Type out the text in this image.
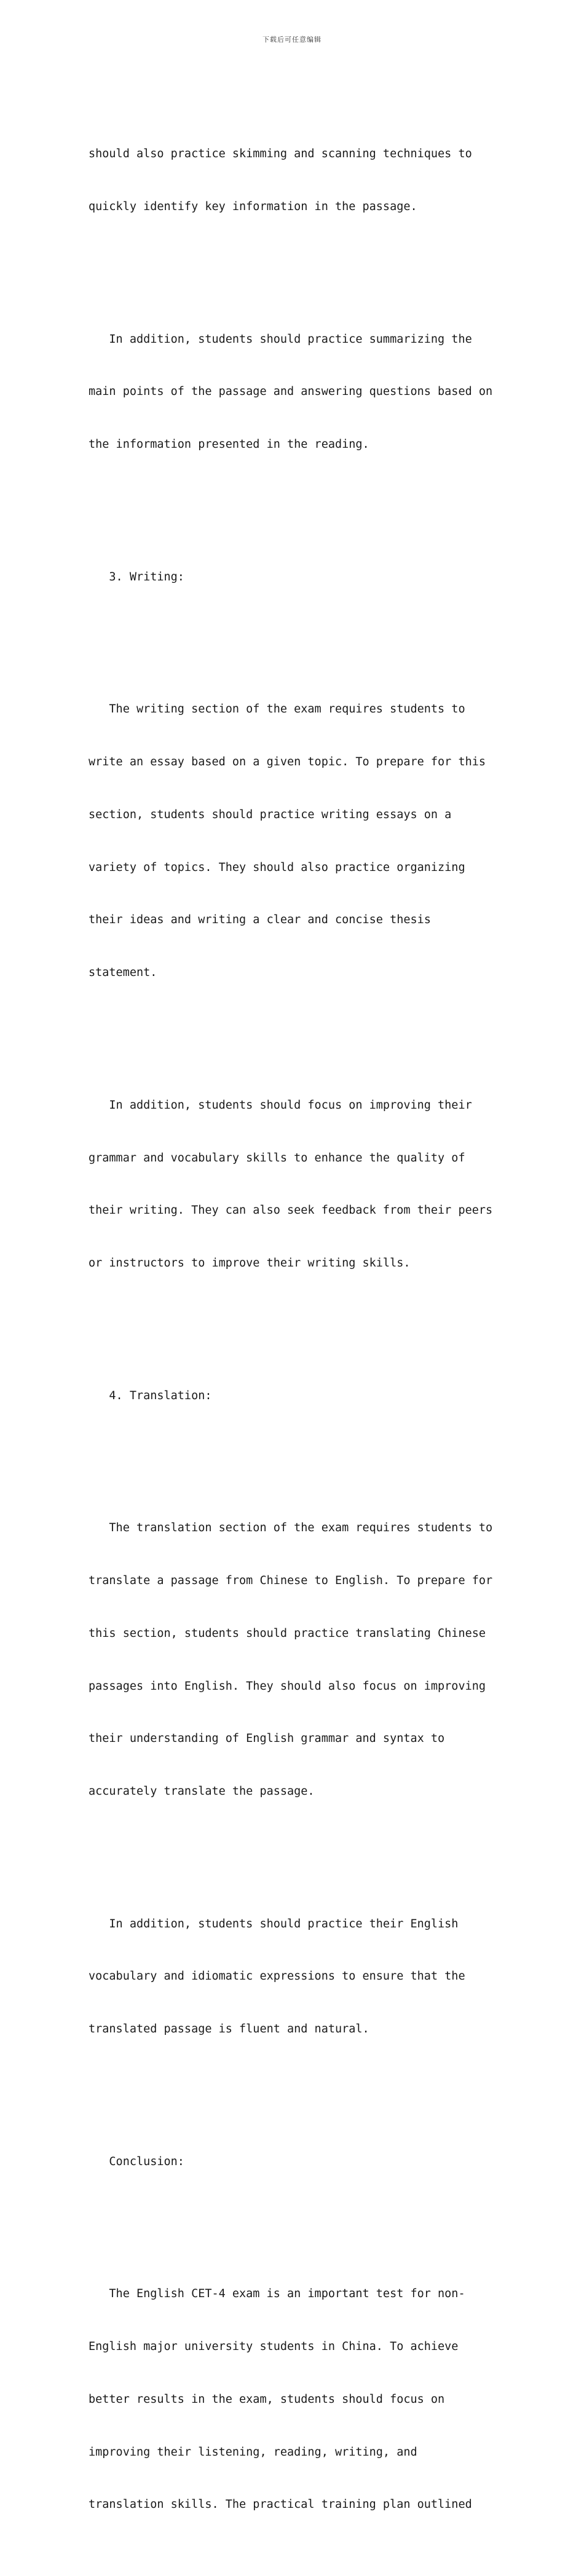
下载后可任意编辑

should also practice skimming and scanning techniques to

quickly identify key information in the passage.

In addition, students should practice summarizing the

main points of the passage and answering questions based on

the information presented in the reading.

3. Writing:

The writing section of the exam requires students to

write an essay based on a given topic. To prepare for this

section, students should practice writing essays on a

variety of topics. They should also practice organizing

their ideas and writing a clear and concise thesis

statement.

In addition, students should focus on improving their

grammar and vocabulary skills to enhance the quality of

their writing. They can also seek feedback from their peers

or instructors to improve their writing skills.

4. Translation:

The translation section of the exam requires students to

translate a passage from Chinese to English. To prepare for

this section, students should practice translating Chinese

passages into English. They should also focus on improving

their understanding of English grammar and syntax to

accurately translate the passage.

In addition, students should practice their English

vocabulary and idiomatic expressions to ensure that the

translated passage is fluent and natural.

Conclusion:

The English CET-4 exam is an important test for non-

English major university students in China. To achieve

better results in the exam, students should focus on

improving their listening, reading, writing, and

translation skills. The practical training plan outlined
